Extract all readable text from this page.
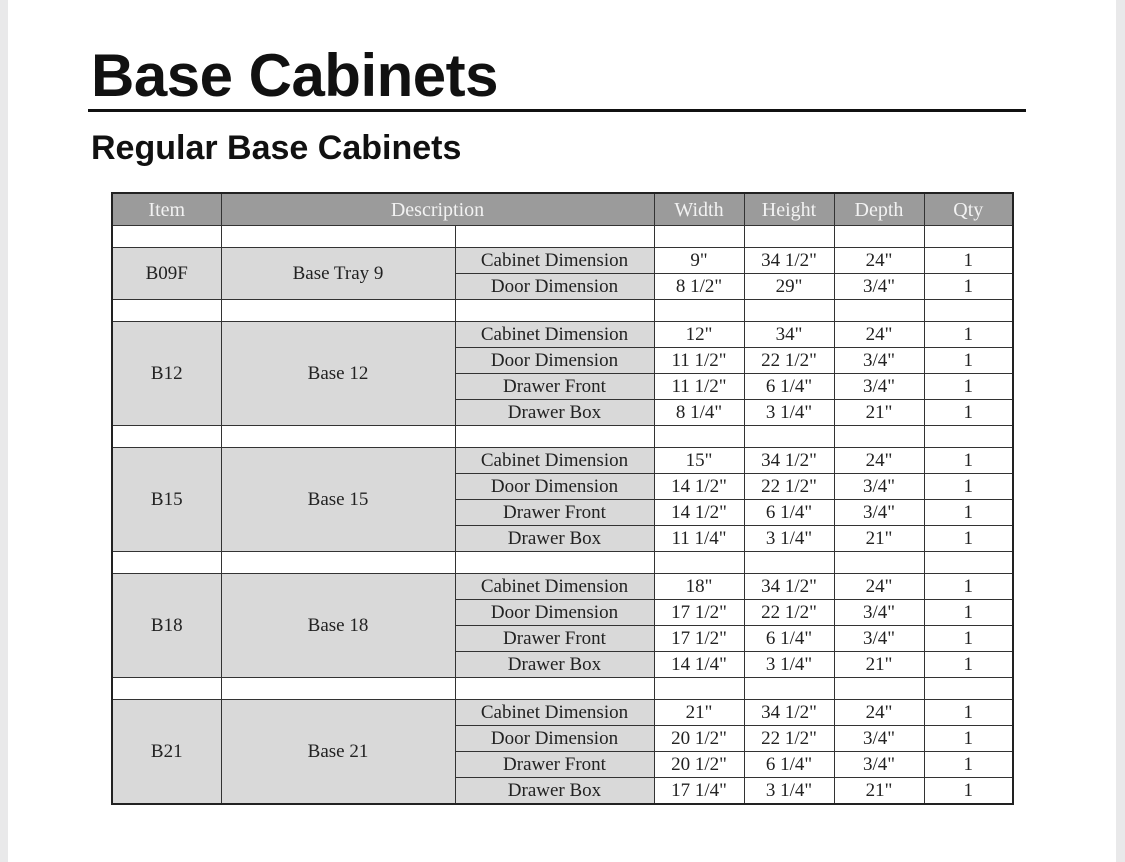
Base Cabinets
Regular Base Cabinets
Item	Description		Width	Height	Depth	Qty

B09F	Base Tray 9	Cabinet Dimension	9"	34 1/2"	24"	1
		Door Dimension	8 1/2"	29"	3/4"	1

B12	Base 12	Cabinet Dimension	12"	34"	24"	1
		Door Dimension	11 1/2"	22 1/2"	3/4"	1
		Drawer Front	11 1/2"	6 1/4"	3/4"	1
		Drawer Box	8 1/4"	3 1/4"	21"	1

B15	Base 15	Cabinet Dimension	15"	34 1/2"	24"	1
		Door Dimension	14 1/2"	22 1/2"	3/4"	1
		Drawer Front	14 1/2"	6 1/4"	3/4"	1
		Drawer Box	11 1/4"	3 1/4"	21"	1

B18	Base 18	Cabinet Dimension	18"	34 1/2"	24"	1
		Door Dimension	17 1/2"	22 1/2"	3/4"	1
		Drawer Front	17 1/2"	6 1/4"	3/4"	1
		Drawer Box	14 1/4"	3 1/4"	21"	1

B21	Base 21	Cabinet Dimension	21"	34 1/2"	24"	1
		Door Dimension	20 1/2"	22 1/2"	3/4"	1
		Drawer Front	20 1/2"	6 1/4"	3/4"	1
		Drawer Box	17 1/4"	3 1/4"	21"	1
